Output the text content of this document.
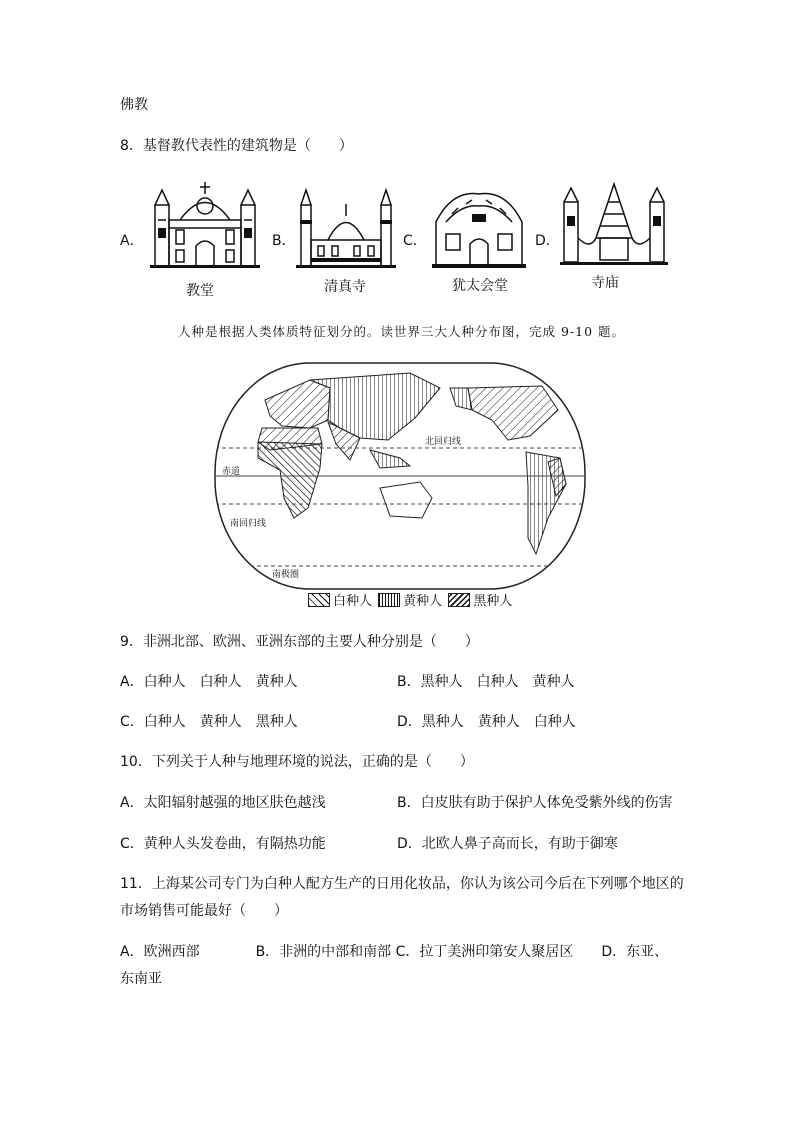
佛教
8．基督教代表性的建筑物是（　　）
A．
教堂
B．
清真寺
C．
犹太会堂
D．
寺庙
人种是根据人类体质特征划分的。读世界三大人种分布图，完成 9-10 题。
北回归线
赤道
南回归线
南极圈
白种人 黄种人 黑种人
9．非洲北部、欧洲、亚洲东部的主要人种分别是（　　）
A．白种人　白种人　黄种人	B．黑种人　白种人　黄种人
C．白种人　黄种人　黑种人	D．黑种人　黄种人　白种人
10．下列关于人种与地理环境的说法，正确的是（　　）
A．太阳辐射越强的地区肤色越浅	B．白皮肤有助于保护人体免受紫外线的伤害
C．黄种人头发卷曲，有隔热功能	D．北欧人鼻子高而长，有助于御寒
11．上海某公司专门为白种人配方生产的日用化妆品，你认为该公司今后在下列哪个地区的
市场销售可能最好（　　）
A．欧洲西部　　　　B．非洲的中部和南部 C．拉丁美洲印第安人聚居区　　D．东亚、
东南亚
